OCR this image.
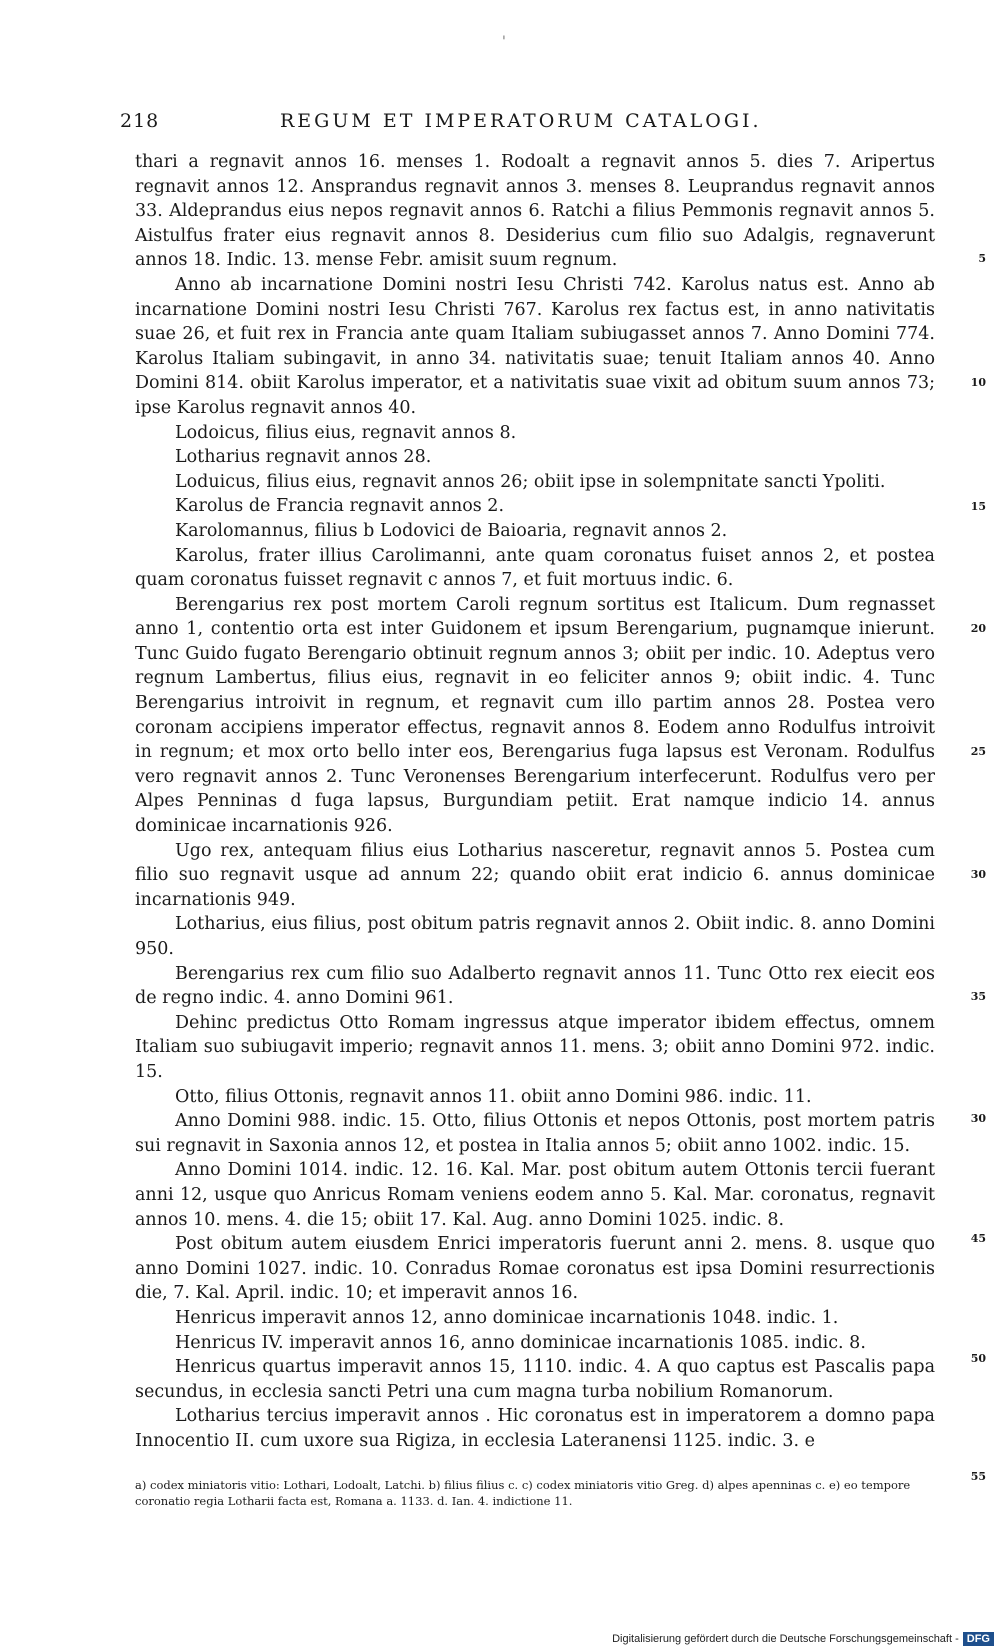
'
218	REGUM ET IMPERATORUM CATALOGI.

thari a regnavit annos 16. menses 1. Rodoalt a regnavit annos 5. dies 7. Aripertus regnavit annos 12. Ansprandus regnavit annos 3. menses 8. Leuprandus regnavit annos 33. Aldeprandus eius nepos regnavit annos 6. Ratchi a filius Pemmonis regnavit annos 5. Aistulfus frater eius regnavit annos 8. Desiderius cum filio suo Adalgis, regnaverunt annos 18. Indic. 13. mense Febr. amisit suum regnum.

Anno ab incarnatione Domini nostri Iesu Christi 742. Karolus natus est. Anno ab incarnatione Domini nostri Iesu Christi 767. Karolus rex factus est, in anno nativitatis suae 26, et fuit rex in Francia ante quam Italiam subiugasset annos 7. Anno Domini 774. Karolus Italiam subingavit, in anno 34. nativitatis suae; tenuit Italiam annos 40. Anno Domini 814. obiit Karolus imperator, et a nativitatis suae vixit ad obitum suum annos 73; ipse Karolus regnavit annos 40.

Lodoicus, filius eius, regnavit annos 8.

Lotharius regnavit annos 28.

Loduicus, filius eius, regnavit annos 26; obiit ipse in solempnitate sancti Ypoliti.

Karolus de Francia regnavit annos 2.

Karolomannus, filius b Lodovici de Baioaria, regnavit annos 2.

Karolus, frater illius Carolimanni, ante quam coronatus fuiset annos 2, et postea quam coronatus fuisset regnavit c annos 7, et fuit mortuus indic. 6.

Berengarius rex post mortem Caroli regnum sortitus est Italicum. Dum regnasset anno 1, contentio orta est inter Guidonem et ipsum Berengarium, pugnamque inierunt. Tunc Guido fugato Berengario obtinuit regnum annos 3; obiit per indic. 10. Adeptus vero regnum Lambertus, filius eius, regnavit in eo feliciter annos 9; obiit indic. 4. Tunc Berengarius introivit in regnum, et regnavit cum illo partim annos 28. Postea vero coronam accipiens imperator effectus, regnavit annos 8. Eodem anno Rodulfus introivit in regnum; et mox orto bello inter eos, Berengarius fuga lapsus est Veronam. Rodulfus vero regnavit annos 2. Tunc Veronenses Berengarium interfecerunt. Rodulfus vero per Alpes Penninas d fuga lapsus, Burgundiam petiit. Erat namque indicio 14. annus dominicae incarnationis 926.

Ugo rex, antequam filius eius Lotharius nasceretur, regnavit annos 5. Postea cum filio suo regnavit usque ad annum 22; quando obiit erat indicio 6. annus dominicae incarnationis 949.

Lotharius, eius filius, post obitum patris regnavit annos 2. Obiit indic. 8. anno Domini 950.

Berengarius rex cum filio suo Adalberto regnavit annos 11. Tunc Otto rex eiecit eos de regno indic. 4. anno Domini 961.

Dehinc predictus Otto Romam ingressus atque imperator ibidem effectus, omnem Italiam suo subiugavit imperio; regnavit annos 11. mens. 3; obiit anno Domini 972. indic. 15.

Otto, filius Ottonis, regnavit annos 11. obiit anno Domini 986. indic. 11.

Anno Domini 988. indic. 15. Otto, filius Ottonis et nepos Ottonis, post mortem patris sui regnavit in Saxonia annos 12, et postea in Italia annos 5; obiit anno 1002. indic. 15.

Anno Domini 1014. indic. 12. 16. Kal. Mar. post obitum autem Ottonis tercii fuerant anni 12, usque quo Anricus Romam veniens eodem anno 5. Kal. Mar. coronatus, regnavit annos 10. mens. 4. die 15; obiit 17. Kal. Aug. anno Domini 1025. indic. 8.

Post obitum autem eiusdem Enrici imperatoris fuerunt anni 2. mens. 8. usque quo anno Domini 1027. indic. 10. Conradus Romae coronatus est ipsa Domini resurrectionis die, 7. Kal. April. indic. 10; et imperavit annos 16.

Henricus imperavit annos 12, anno dominicae incarnationis 1048. indic. 1.

Henricus IV. imperavit annos 16, anno dominicae incarnationis 1085. indic. 8.

Henricus quartus imperavit annos 15, 1110. indic. 4. A quo captus est Pascalis papa secundus, in ecclesia sancti Petri una cum magna turba nobilium Romanorum.

Lotharius tercius imperavit annos . Hic coronatus est in imperatorem a domno papa Innocentio II. cum uxore sua Rigiza, in ecclesia Lateranensi 1125. indic. 3. e

5
10
15
20
25
30
35
30
45
50
55
a) codex miniatoris vitio: Lothari, Lodoalt, Latchi. b) filius filius c. c) codex miniatoris vitio Greg. d) alpes apenninas c. e) eo tempore coronatio regia Lotharii facta est, Romana a. 1133. d. Ian. 4. indictione 11.
Digitalisierung gefördert durch die Deutsche Forschungsgemeinschaft - DFG
